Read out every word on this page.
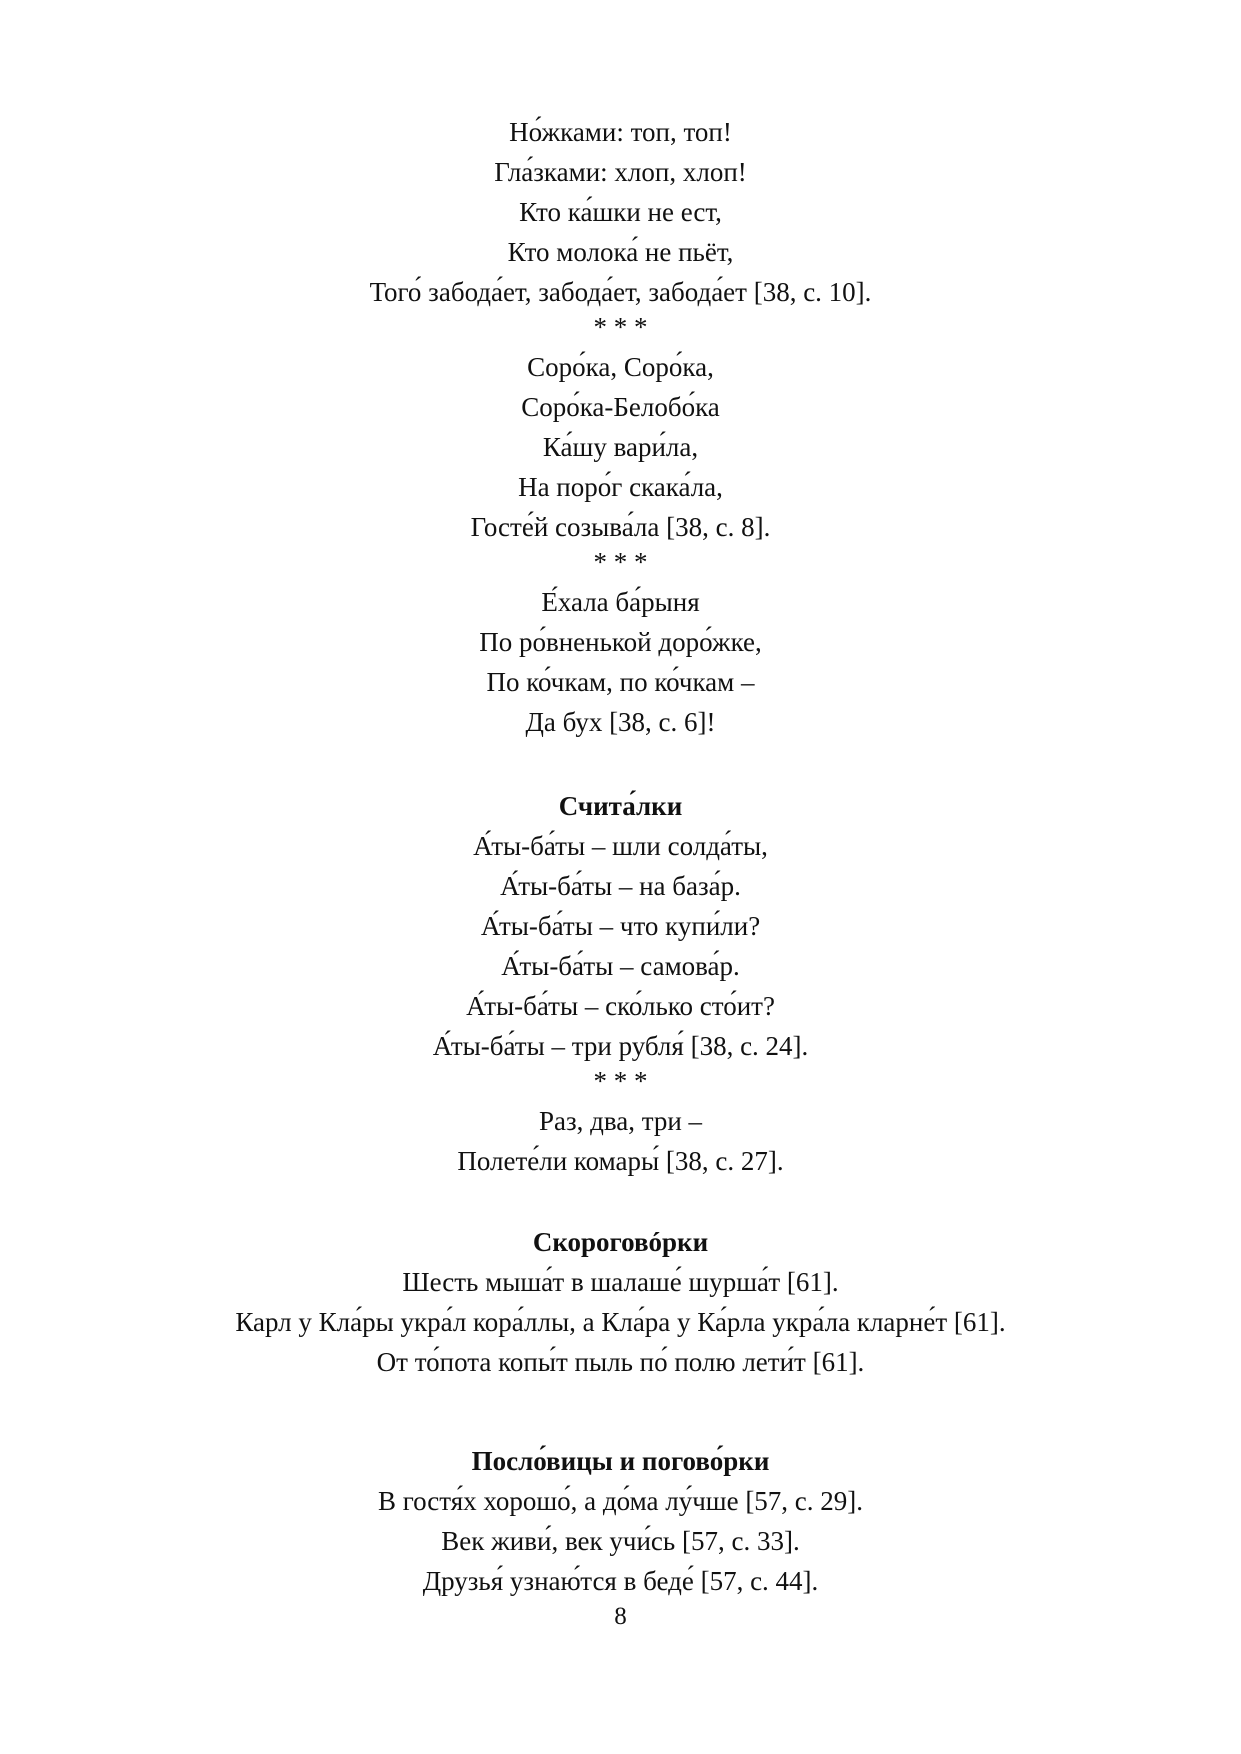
Но́жками: топ, топ!
Гла́зками: хлоп, хлоп!
Кто ка́шки не ест,
Кто молока́ не пьёт,
Того́ забода́ет, забода́ет, забода́ет [38, с. 10].
* * *
Соро́ка, Соро́ка,
Соро́ка-Белобо́ка
Ка́шу вари́ла,
На поро́г скака́ла,
Госте́й созыва́ла [38, с. 8].
* * *
Е́хала ба́рыня
По ро́вненькой доро́жке,
По ко́чкам, по ко́чкам –
Да бух [38, с. 6]!
Счита́лки
А́ты-ба́ты – шли солда́ты,
А́ты-ба́ты – на база́р.
А́ты-ба́ты – что купи́ли?
А́ты-ба́ты – самова́р.
А́ты-ба́ты – ско́лько сто́ит?
А́ты-ба́ты – три рубля́ [38, с. 24].
* * *
Раз, два, три –
Полете́ли комары́ [38, с. 27].
Скороговóрки
Шесть мыша́т в шалаше́ шурша́т [61].
Карл у Кла́ры укра́л кора́ллы, а Кла́ра у Ка́рла укра́ла кларне́т [61].
От то́пота копы́т пыль по́ полю лети́т [61].
Посло́вицы и погово́рки
В гостя́х хорошо́, а до́ма лу́чше [57, с. 29].
Век живи́, век учи́сь [57, с. 33].
Друзья́ узнаю́тся в беде́ [57, с. 44].
8
